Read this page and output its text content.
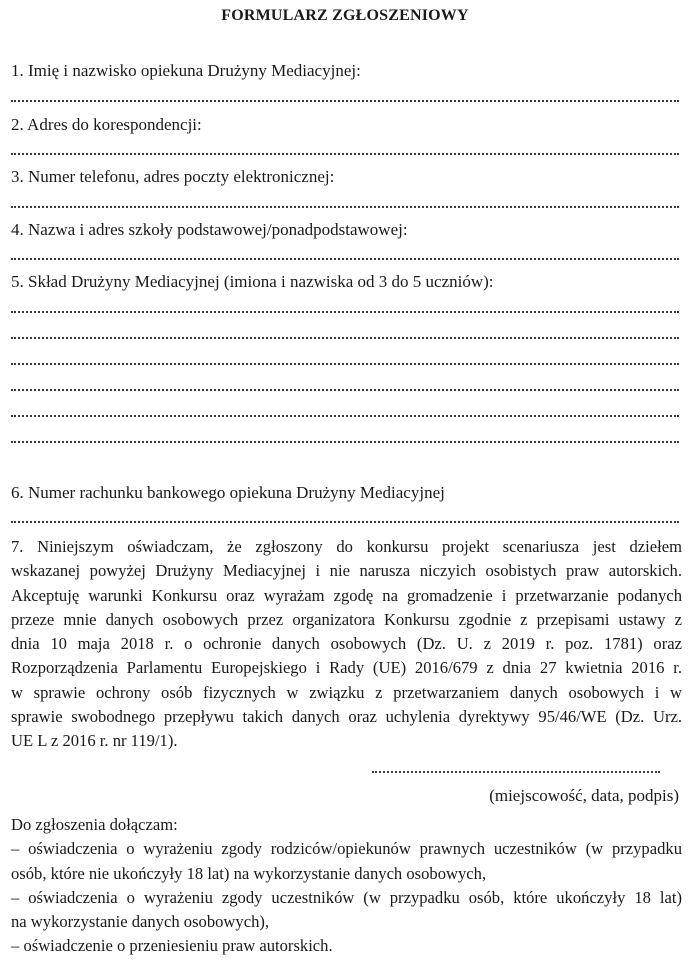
FORMULARZ ZGŁOSZENIOWY
1. Imię i nazwisko opiekuna Drużyny Mediacyjnej:
2. Adres do korespondencji:
3. Numer telefonu, adres poczty elektronicznej:
4. Nazwa i adres szkoły podstawowej/ponadpodstawowej:
5. Skład Drużyny Mediacyjnej (imiona i nazwiska od 3 do 5 uczniów):
6. Numer rachunku bankowego opiekuna Drużyny Mediacyjnej
7. Niniejszym oświadczam, że zgłoszony do konkursu projekt scenariusza jest dziełem
wskazanej powyżej Drużyny Mediacyjnej i nie narusza niczyich osobistych praw autorskich.
Akceptuję warunki Konkursu oraz wyrażam zgodę na gromadzenie i przetwarzanie podanych
przeze mnie danych osobowych przez organizatora Konkursu zgodnie z przepisami ustawy z
dnia 10 maja 2018 r. o ochronie danych osobowych (Dz. U. z 2019 r. poz. 1781) oraz
Rozporządzenia Parlamentu Europejskiego i Rady (UE) 2016/679 z dnia 27 kwietnia 2016 r.
w sprawie ochrony osób fizycznych w związku z przetwarzaniem danych osobowych i w
sprawie swobodnego przepływu takich danych oraz uchylenia dyrektywy 95/46/WE (Dz. Urz.
UE L z 2016 r. nr 119/1).
(miejscowość, data, podpis)
Do zgłoszenia dołączam:
– oświadczenia o wyrażeniu zgody rodziców/opiekunów prawnych uczestników (w przypadku
osób, które nie ukończyły 18 lat) na wykorzystanie danych osobowych,
– oświadczenia o wyrażeniu zgody uczestników (w przypadku osób, które ukończyły 18 lat)
na wykorzystanie danych osobowych),
– oświadczenie o przeniesieniu praw autorskich.
